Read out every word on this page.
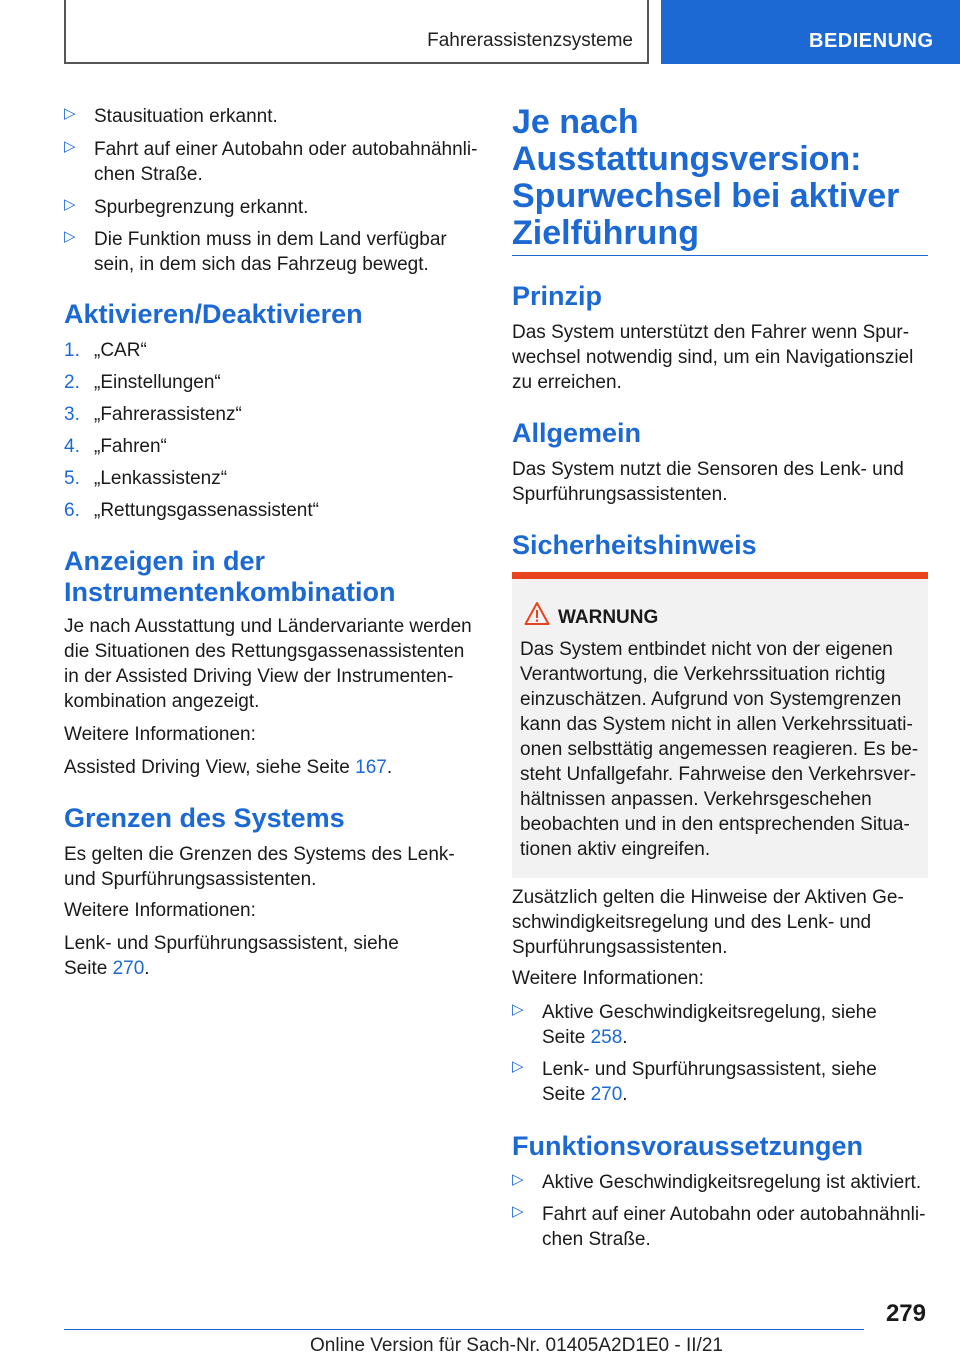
Fahrerassistenzsysteme	BEDIENUNG
▷ Stausituation erkannt.

▷ Fahrt auf einer Autobahn oder autobahnähnli-

chen Straße.

▷ Spurbegrenzung erkannt.

▷ Die Funktion muss in dem Land verfügbar

sein, in dem sich das Fahrzeug bewegt.

Aktivieren/Deaktivieren

1. „CAR“

2. „Einstellungen“

3. „Fahrerassistenz“

4. „Fahren“

5. „Lenkassistenz“

6. „Rettungsgassenassistent“

Anzeigen in der
Instrumentenkombination

Je nach Ausstattung und Ländervariante werden

die Situationen des Rettungsgassenassistenten

in der Assisted Driving View der Instrumenten-

kombination angezeigt.

Weitere Informationen:

Assisted Driving View, siehe Seite 167.

Grenzen des Systems

Es gelten die Grenzen des Systems des Lenk-

und Spurführungsassistenten.

Weitere Informationen:

Lenk- und Spurführungsassistent, siehe

Seite 270.

Je nach
Ausstattungsversion:
Spurwechsel bei aktiver
Zielführung
Prinzip

Das System unterstützt den Fahrer wenn Spur-

wechsel notwendig sind, um ein Navigationsziel

zu erreichen.

Allgemein

Das System nutzt die Sensoren des Lenk- und

Spurführungsassistenten.

Sicherheitshinweis
WARNUNG

Das System entbindet nicht von der eigenen

Verantwortung, die Verkehrssituation richtig

einzuschätzen. Aufgrund von Systemgrenzen

kann das System nicht in allen Verkehrssituati-

onen selbsttätig angemessen reagieren. Es be-

steht Unfallgefahr. Fahrweise den Verkehrsver-

hältnissen anpassen. Verkehrsgeschehen

beobachten und in den entsprechenden Situa-

tionen aktiv eingreifen.

Zusätzlich gelten die Hinweise der Aktiven Ge-

schwindigkeitsregelung und des Lenk- und

Spurführungsassistenten.

Weitere Informationen:

▷ Aktive Geschwindigkeitsregelung, siehe

Seite 258.

▷ Lenk- und Spurführungsassistent, siehe

Seite 270.

Funktionsvoraussetzungen
▷ Aktive Geschwindigkeitsregelung ist aktiviert.

▷ Fahrt auf einer Autobahn oder autobahnähnli-

chen Straße.

279
Online Version für Sach-Nr. 01405A2D1E0 - II/21
